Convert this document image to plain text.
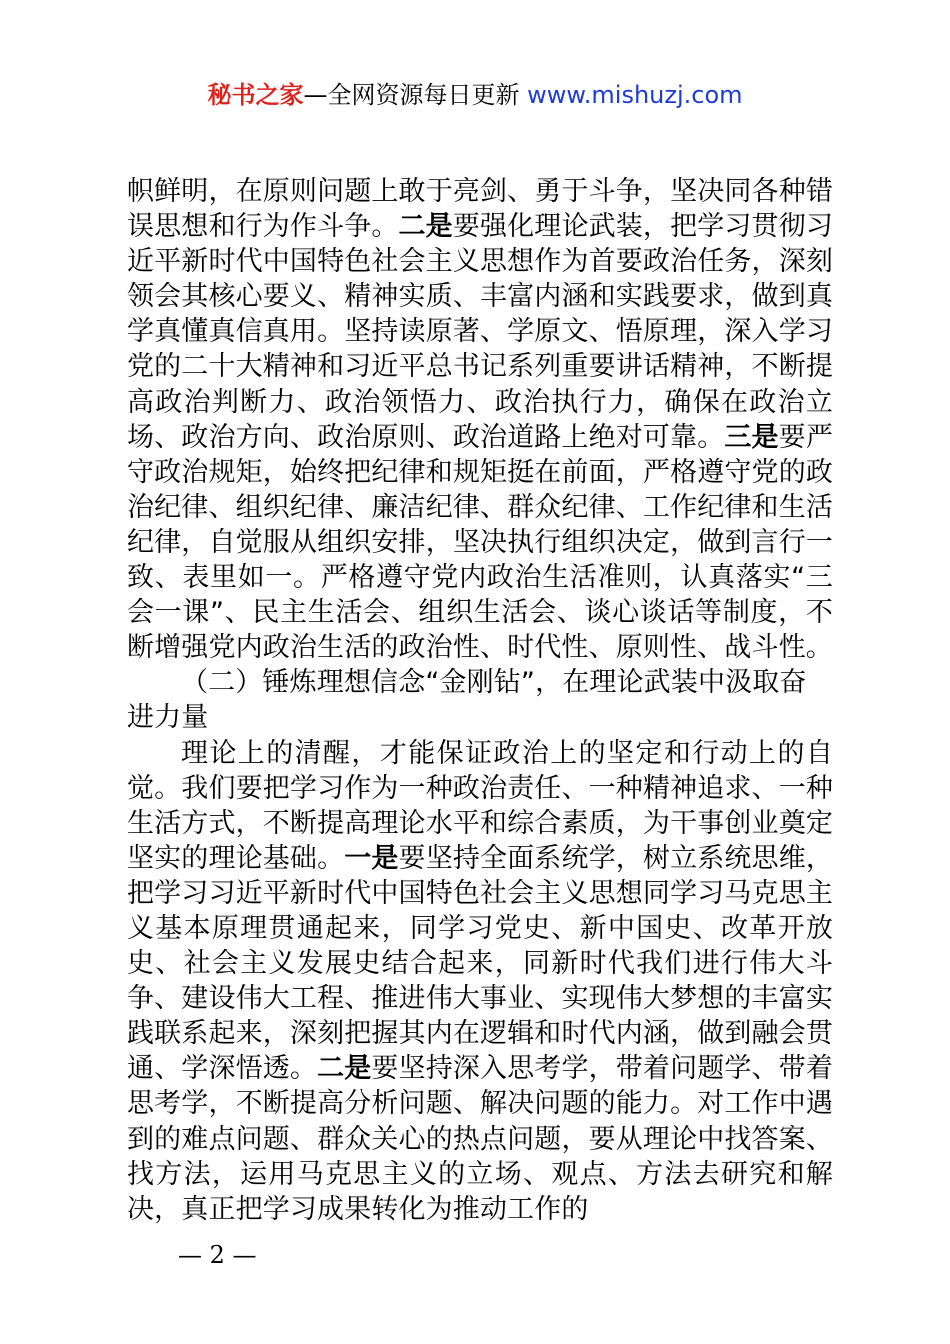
秘书之家—全网资源每日更新 www.mishuzj.com

帜鲜明，在原则问题上敢于亮剑、勇于斗争，坚决同各种错误思想和行为作斗争。二是要强化理论武装，把学习贯彻习近平新时代中国特色社会主义思想作为首要政治任务，深刻领会其核心要义、精神实质、丰富内涵和实践要求，做到真学真懂真信真用。坚持读原著、学原文、悟原理，深入学习党的二十大精神和习近平总书记系列重要讲话精神，不断提高政治判断力、政治领悟力、政治执行力，确保在政治立场、政治方向、政治原则、政治道路上绝对可靠。三是要严守政治规矩，始终把纪律和规矩挺在前面，严格遵守党的政治纪律、组织纪律、廉洁纪律、群众纪律、工作纪律和生活纪律，自觉服从组织安排，坚决执行组织决定，做到言行一致、表里如一。严格遵守党内政治生活准则，认真落实“三会一课”、民主生活会、组织生活会、谈心谈话等制度，不断增强党内政治生活的政治性、时代性、原则性、战斗性。

（二）锤炼理想信念“金刚钻”，在理论武装中汲取奋进力量

理论上的清醒，才能保证政治上的坚定和行动上的自觉。我们要把学习作为一种政治责任、一种精神追求、一种生活方式，不断提高理论水平和综合素质，为干事创业奠定坚实的理论基础。一是要坚持全面系统学，树立系统思维，把学习习近平新时代中国特色社会主义思想同学习马克思主义基本原理贯通起来，同学习党史、新中国史、改革开放史、社会主义发展史结合起来，同新时代我们进行伟大斗争、建设伟大工程、推进伟大事业、实现伟大梦想的丰富实践联系起来，深刻把握其内在逻辑和时代内涵，做到融会贯通、学深悟透。二是要坚持深入思考学，带着问题学、带着思考学，不断提高分析问题、解决问题的能力。对工作中遇到的难点问题、群众关心的热点问题，要从理论中找答案、找方法，运用马克思主义的立场、观点、方法去研究和解决，真正把学习成果转化为推动工作的

— 2 —
